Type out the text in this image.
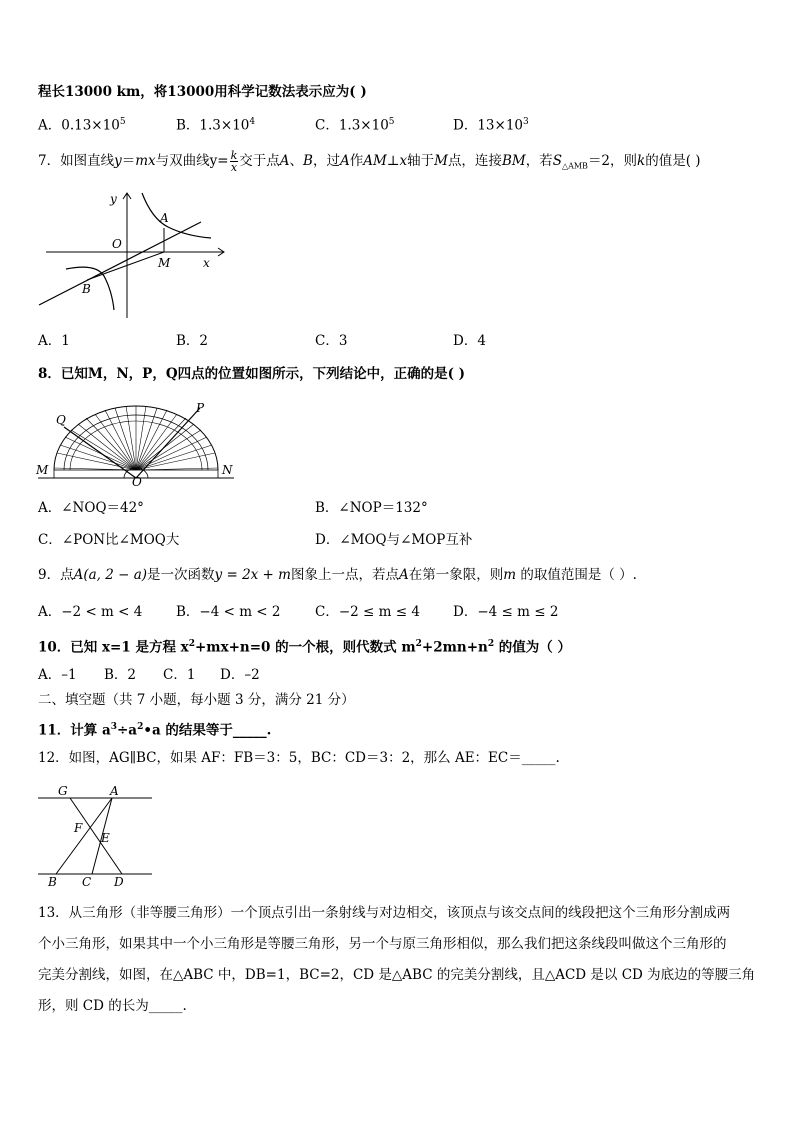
程长13000 km，将13000用科学记数法表示应为( )
A．$0.13\times 10^5$	B．$1.3\times 10^4$	C．$1.3\times 10^5$	D．$13\times 10^3$
7．如图直线y＝mx与双曲线$y= \frac{k}{x}$ 交于点A、B，过A作AM⊥x轴于M点，连接BM，若$S_{\triangle AMB}=2$，则k的值是( )
y
A
O
M	x
B
A．1	B．2	C．3	D．4
8．已知M，N，P，Q四点的位置如图所示，下列结论中，正确的是( )
Q
P
M	N
O
A．∠NOQ＝42°	B．∠NOP＝132°
C．∠PON比∠MOQ大	D．∠MOQ与∠MOP互补
9．点A(a, 2 − a)是一次函数y = 2x + m图象上一点，若点A在第一象限，则m 的取值范围是（ ）.
A．−2 < m < 4 B．−4 < m < 2	C．−2 ≤ m ≤ 4 D．−4 ≤ m ≤ 2
10．已知 x=1 是方程 $x^2+mx+n=0$ 的一个根，则代数式 $m^2+2mn+n^2$ 的值为（ ）
A．–1 B．2 C．1 D．–2
二、填空题（共 7 小题，每小题 3 分，满分 21 分）
11．计算 $a^3\div a^2•a$ 的结果等于_____.
12．如图，AG∥BC，如果 AF：FB＝3：5，BC：CD＝3：2，那么 AE：EC＝_____.
G	A
F
E
B C D
13．从三角形（非等腰三角形）一个顶点引出一条射线与对边相交，该顶点与该交点间的线段把这个三角形分割成两
个小三角形，如果其中一个小三角形是等腰三角形，另一个与原三角形相似，那么我们把这条线段叫做这个三角形的
完美分割线，如图，在△ABC 中，DB=1，BC=2，CD 是△ABC 的完美分割线，且△ACD 是以 CD 为底边的等腰三角
形，则 CD 的长为_____.
